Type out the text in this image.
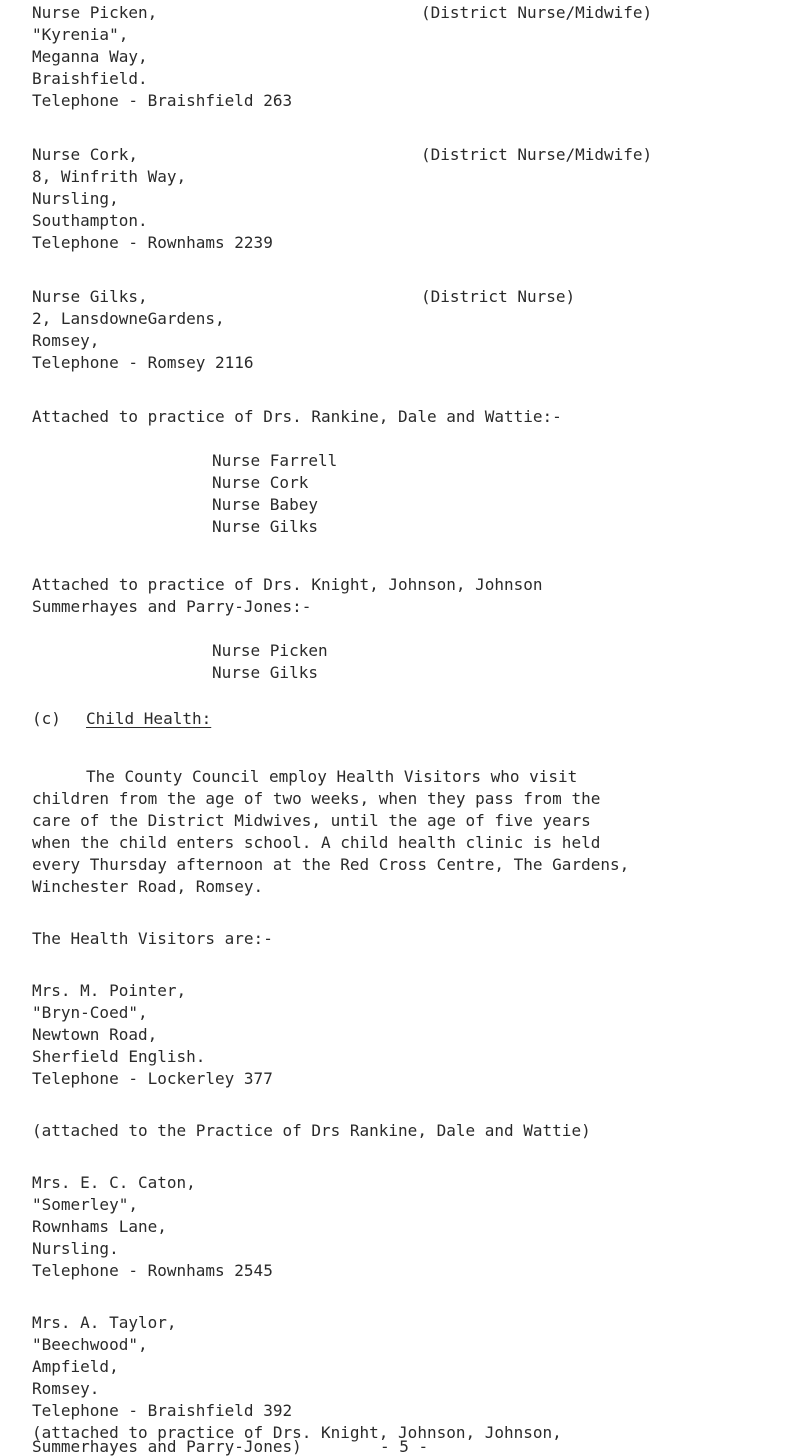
Nurse Picken,	(District Nurse/Midwife)
"Kyrenia",
Meganna Way,
Braishfield.
Telephone - Braishfield 263
Nurse Cork,	(District Nurse/Midwife)
8, Winfrith Way,
Nursling,
Southampton.
Telephone - Rownhams 2239
Nurse Gilks,	(District Nurse)
2, LansdowneGardens,
Romsey,
Telephone - Romsey 2116
Attached to practice of Drs. Rankine, Dale and Wattie:-
Nurse Farrell
Nurse Cork
Nurse Babey
Nurse Gilks
Attached to practice of Drs. Knight, Johnson, Johnson
Summerhayes and Parry-Jones:-
Nurse Picken
Nurse Gilks
(c) Child Health:
The County Council employ Health Visitors who visit
children from the age of two weeks, when they pass from the
care of the District Midwives, until the age of five years
when the child enters school. A child health clinic is held
every Thursday afternoon at the Red Cross Centre, The Gardens,
Winchester Road, Romsey.
The Health Visitors are:-
Mrs. M. Pointer,
"Bryn-Coed",
Newtown Road,
Sherfield English.
Telephone - Lockerley 377
(attached to the Practice of Drs Rankine, Dale and Wattie)
Mrs. E. C. Caton,
"Somerley",
Rownhams Lane,
Nursling.
Telephone - Rownhams 2545
Mrs. A. Taylor,
"Beechwood",
Ampfield,
Romsey.
Telephone - Braishfield 392
(attached to practice of Drs. Knight, Johnson, Johnson,
Summerhayes and Parry-Jones)	- 5 -
